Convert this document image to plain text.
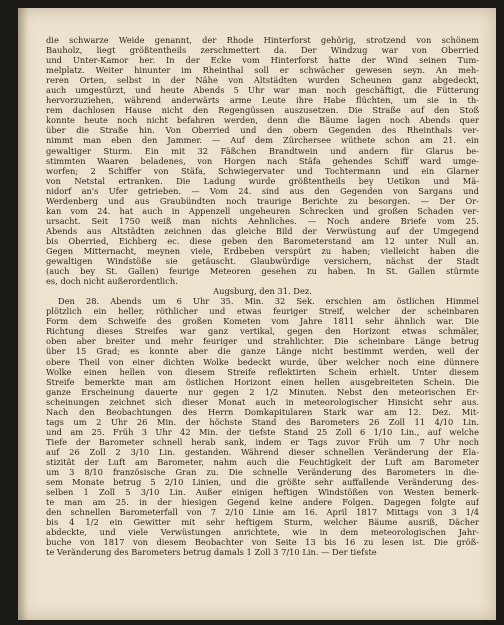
die schwarze Weide genannt, der Rhode Hinterforst gehörig, strotzend von schönem
Bauholz, liegt größtentheils zerschmettert da. Der Windzug war von Oberried
und Unter-Kamor her. In der Ecke vom Hinterforst hatte der Wind seinen Tum-
melplatz. Weiter hinunter im Rheinthal soll er schwächer gewesen seyn. An meh-
reren Orten, selbst in der Nähe von Altstädten wurden Scheunen ganz abgedeckt,
auch umgestürzt, und heute Abends 5 Uhr war man noch geschäftigt, die Fütterung
hervorzuziehen, während anderwärts arme Leute ihre Habe flüchten, um sie in th-
rem dachlosen Hause nicht den Regengüssen auszusetzen. Die Straße auf den Stoß
konnte heute noch nicht befahren werden, denn die Bäume lagen noch Abends quer
über die Straße hin. Von Oberried und den obern Gegenden des Rheinthals ver-
nimmt man eben den Jammer. — Auf dem Zürchersee wüthete schon am 21. ein
gewaltiger Sturm. Ein mit 32 Fäßchen Brandtwein und andern für Glarus be-
stimmten Waaren beladenes, von Horgen nach Stäfa gehendes Schiff ward umge-
worfen; 2 Schiffer von Stäfa, Schwiegervater und Tochtermann und ein Glarner
von Netstal ertranken. Die Ladung wurde größtentheils bey Uetikon und Mä-
nidorf an's Ufer getrieben. — Vom 24. sind aus den Gegenden von Sargans und
Werdenberg und aus Graubündten noch traurige Berichte zu besorgen. — Der Or-
kan vom 24. hat auch in Appenzell ungeheuren Schrecken und großen Schaden ver-
ursacht. Seit 1750 weiß man nichts Aehnliches. — Noch andere Briefe vom 25.
Abends aus Altstädten zeichnen das gleiche Bild der Verwüstung auf der Umgegend
bis Oberried, Eichberg ec. diese geben den Barometerstand am 12 unter Null an.
Gegen Mitternacht, meynen viele, Erdbeben verspürt zu haben; vielleicht haben die
gewaltigen Windstöße sie getäuscht. Glaubwürdige versichern, nächst der Stadt
(auch bey St. Gallen) feurige Meteoren gesehen zu haben. In St. Gallen stürmte
es, doch nicht außerordentlich.
Augsburg, den 31. Dez.
Den 28. Abends um 6 Uhr 35. Min. 32 Sek. erschien am östlichen Himmel
plötzlich ein heller, röthlicher und etwas feuriger Streif, welcher der scheinbaren
Form dem Schweife des großen Kometen vom Jahre 1811 sehr ähnlich war. Die
Richtung dieses Streifes war ganz vertikal, gegen den Horizont etwas schmäler,
oben aber breiter und mehr feuriger und strahlichter. Die scheinbare Länge betrug
über 15 Grad; es konnte aber die ganze Länge nicht bestimmt werden, weil der
obere Theil von einer dichten Wolke bedeckt wurde, über welcher noch eine dünnere
Wolke einen hellen von diesem Streife reflektirten Schein erhielt. Unter diesem
Streife bemerkte man am östlichen Horizont einen hellen ausgebreiteten Schein. Die
ganze Erscheinung dauerte nur gegen 2 1/2 Minuten. Nebst den meteorischen Er-
scheinungen zeichnet sich dieser Monat auch in meteorologischer Hinsicht sehr aus.
Nach den Beobachtungen des Herrn Domkapitularen Stark war am 12. Dez. Mit-
tags um 2 Uhr 26 Min. der höchste Stand des Barometers 26 Zoll 11 4/10 Lin.
und am 25. Früh 3 Uhr 42 Min. der tiefste Stand 25 Zoll 6 1/10 Lin., auf welche
Tiefe der Barometer schnell herab sank, indem er Tags zuvor Früh um 7 Uhr noch
auf 26 Zoll 2 3/10 Lin. gestanden. Während dieser schnellen Veränderung der Ela-
stizität der Luft am Barometer, nahm auch die Feuchtigkeit der Luft am Barometer
um 3 8/10 französische Gran zu. Die schnelle Veränderung des Barometers in die-
sem Monate betrug 5 2/10 Linien, und die größte sehr auffallende Veränderung des-
selben 1 Zoll 5 3/10 Lin. Außer einigen heftigen Windstößen von Westen bemerk-
te man am 25. in der hiesigen Gegend keine andere Folgen. Dagegen folgte auf
den schnellen Barometerfall von 7 2/10 Linie am 16. April 1817 Mittags von 3 1/4
bis 4 1/2 ein Gewitter mit sehr heftigem Sturm, welcher Bäume ausriß, Dächer
abdeckte, und viele Verwüstungen anrichtete, wie in dem meteorologischen Jahr-
buche von 1817 von diesem Beobachter von Seite 13 bis 16 zu lesen ist. Die größ-
te Veränderung des Barometers betrug damals 1 Zoll 3 7/10 Lin. — Der tiefste
